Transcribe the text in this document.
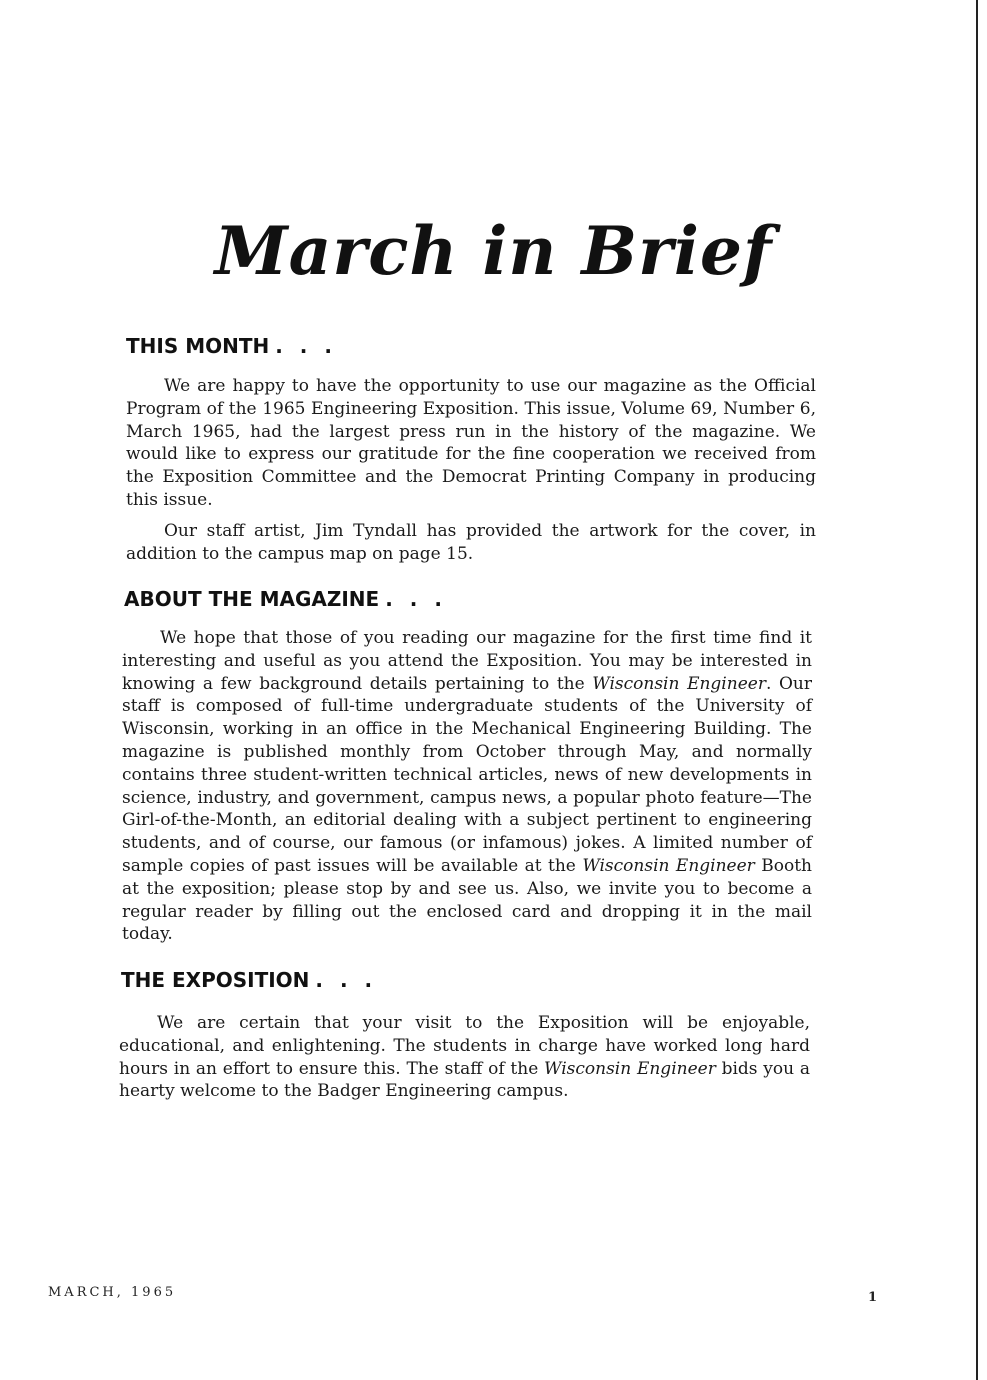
March in Brief
THIS MONTH . . .

We are happy to have the opportunity to use our magazine as the Official Program of the 1965 Engineering Exposition. This issue, Volume 69, Number 6, March 1965, had the largest press run in the history of the magazine. We would like to express our gratitude for the fine cooperation we received from the Exposition Committee and the Democrat Printing Company in producing this issue.

Our staff artist, Jim Tyndall has provided the artwork for the cover, in addition to the campus map on page 15.

ABOUT THE MAGAZINE . . .

We hope that those of you reading our magazine for the first time find it interesting and useful as you attend the Exposition. You may be interested in knowing a few background details pertaining to the Wisconsin Engineer. Our staff is composed of full-time undergraduate students of the University of Wisconsin, working in an office in the Mechanical Engineering Building. The magazine is published monthly from October through May, and normally contains three student-written technical articles, news of new developments in science, industry, and government, campus news, a popular photo feature—The Girl-of-the-Month, an editorial dealing with a subject pertinent to engineering students, and of course, our famous (or infamous) jokes. A limited number of sample copies of past issues will be available at the Wisconsin Engineer Booth at the exposition; please stop by and see us. Also, we invite you to become a regular reader by filling out the enclosed card and dropping it in the mail today.

THE EXPOSITION . . .

We are certain that your visit to the Exposition will be enjoyable, educational, and enlightening. The students in charge have worked long hard hours in an effort to ensure this. The staff of the Wisconsin Engineer bids you a hearty welcome to the Badger Engineering campus.

MARCH, 1965	1
